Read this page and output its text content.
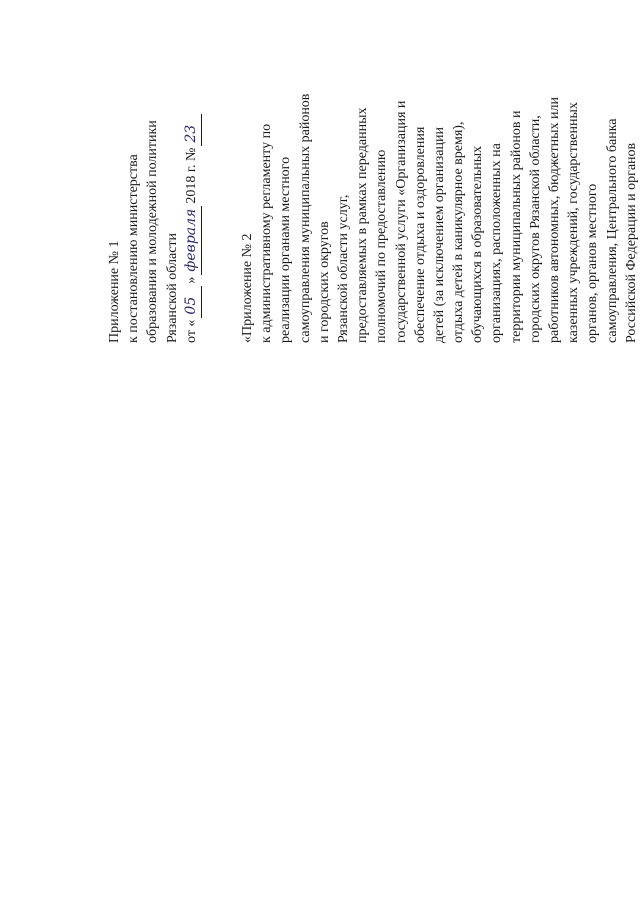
Приложение № 1 к постановлению министерства образования и молодежной политики Рязанской области от «
05
»
февраля
2018 г. №
23
«Приложение № 2 к административному регламенту по реализации органами местного самоуправления муниципальных районов и городских округов Рязанской области услуг, предоставляемых в рамках переданных полномочий по предоставлению государственной услуги «Организация и обеспечение отдыха и оздоровления детей (за исключением организации отдыха детей в каникулярное время), обучающихся в образовательных организациях, расположенных на территории муниципальных районов и городских округов Рязанской области, работников автономных, бюджетных или казенных учреждений, государственных органов, органов местного самоуправления, Центрального банка Российской Федерации и органов
